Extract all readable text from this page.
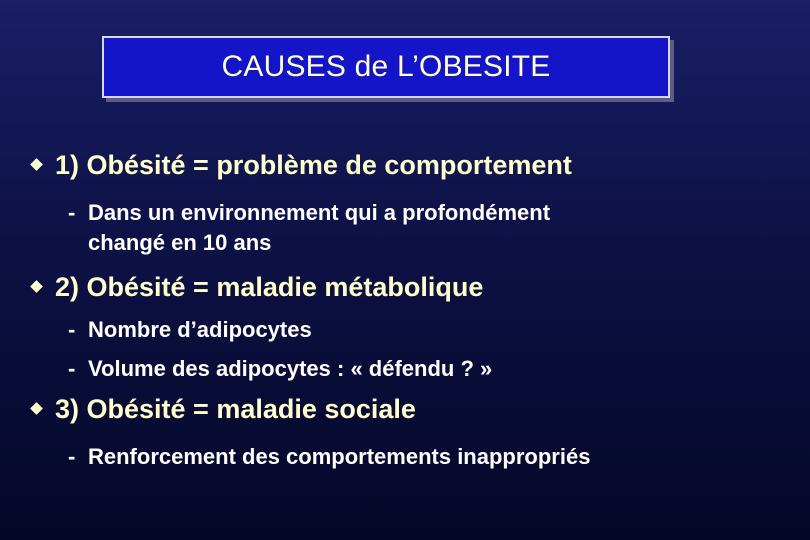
CAUSES de L’OBESITE
1) Obésité = problème de comportement
- Dans un environnement qui a profondément
changé en 10 ans
2) Obésité = maladie métabolique
- Nombre d’adipocytes
- Volume des adipocytes : « défendu ? »
3) Obésité = maladie sociale
- Renforcement des comportements inappropriés
